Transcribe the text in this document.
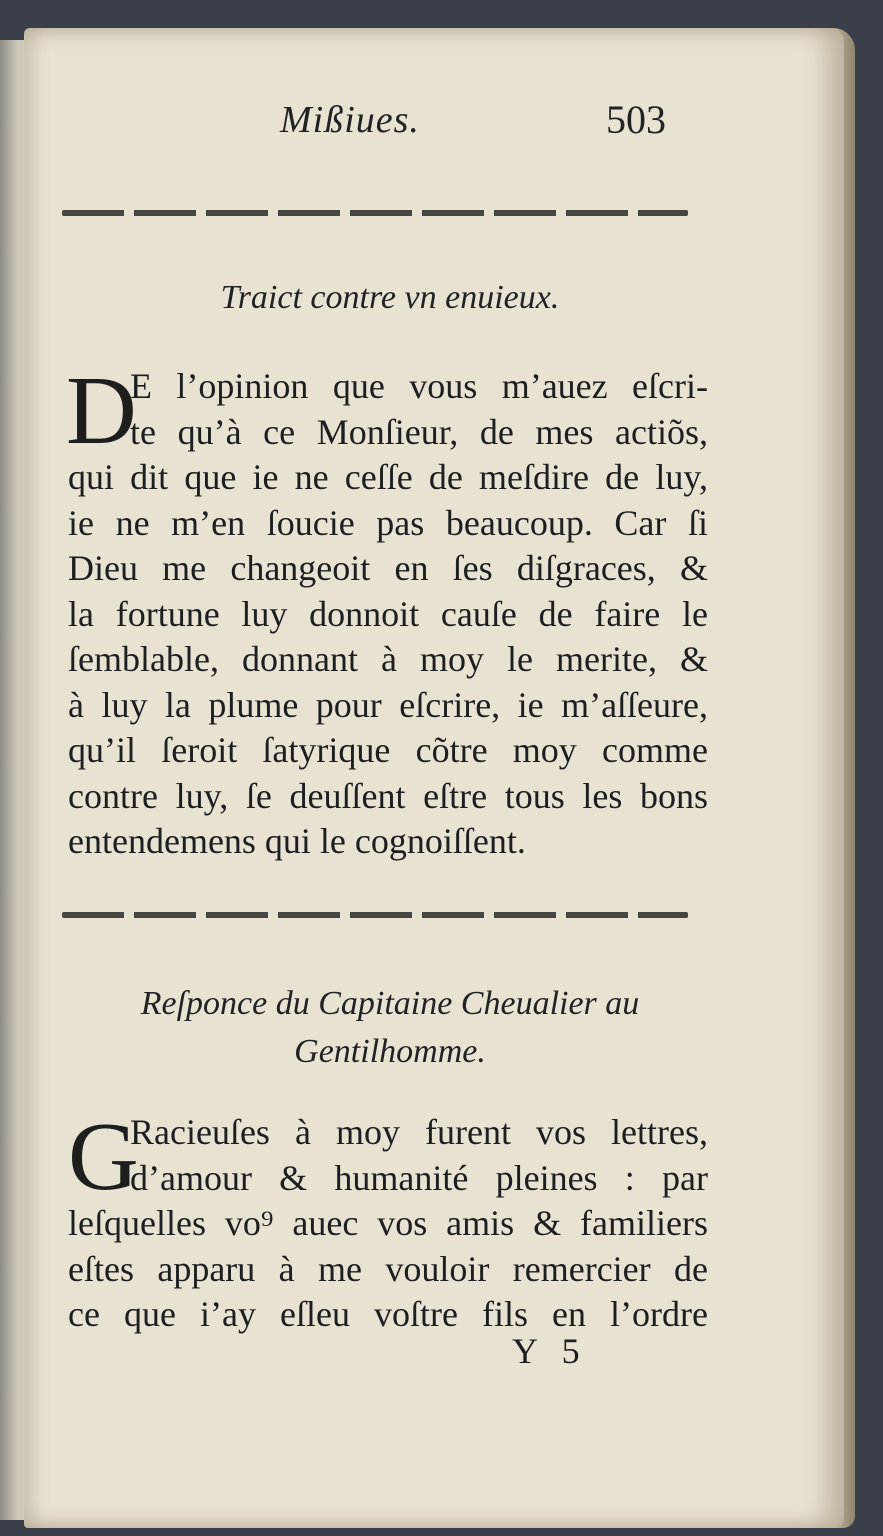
Mißiues.	503
Traict contre vn enuieux.
D
E l’opinion que vous m’auez eſcri-
te qu’à ce Monſieur, de mes actiõs,
qui dit que ie ne ceſſe de meſdire de luy,
ie ne m’en ſoucie pas beaucoup. Car ſi
Dieu me changeoit en ſes diſgraces, &
la fortune luy donnoit cauſe de faire le
ſemblable, donnant à moy le merite, &
à luy la plume pour eſcrire, ie m’aſſeure,
qu’il ſeroit ſatyrique cõtre moy comme
contre luy, ſe deuſſent eſtre tous les bons
entendemens qui le cognoiſſent.
Reſponce du Capitaine Cheualier au
Gentilhomme.
G
Racieuſes à moy furent vos lettres,
d’amour & humanité pleines : par
leſquelles vo⁹ auec vos amis & familiers
eſtes apparu à me vouloir remercier de
ce que i’ay eſleu voſtre fils en l’ordre
Y 5
